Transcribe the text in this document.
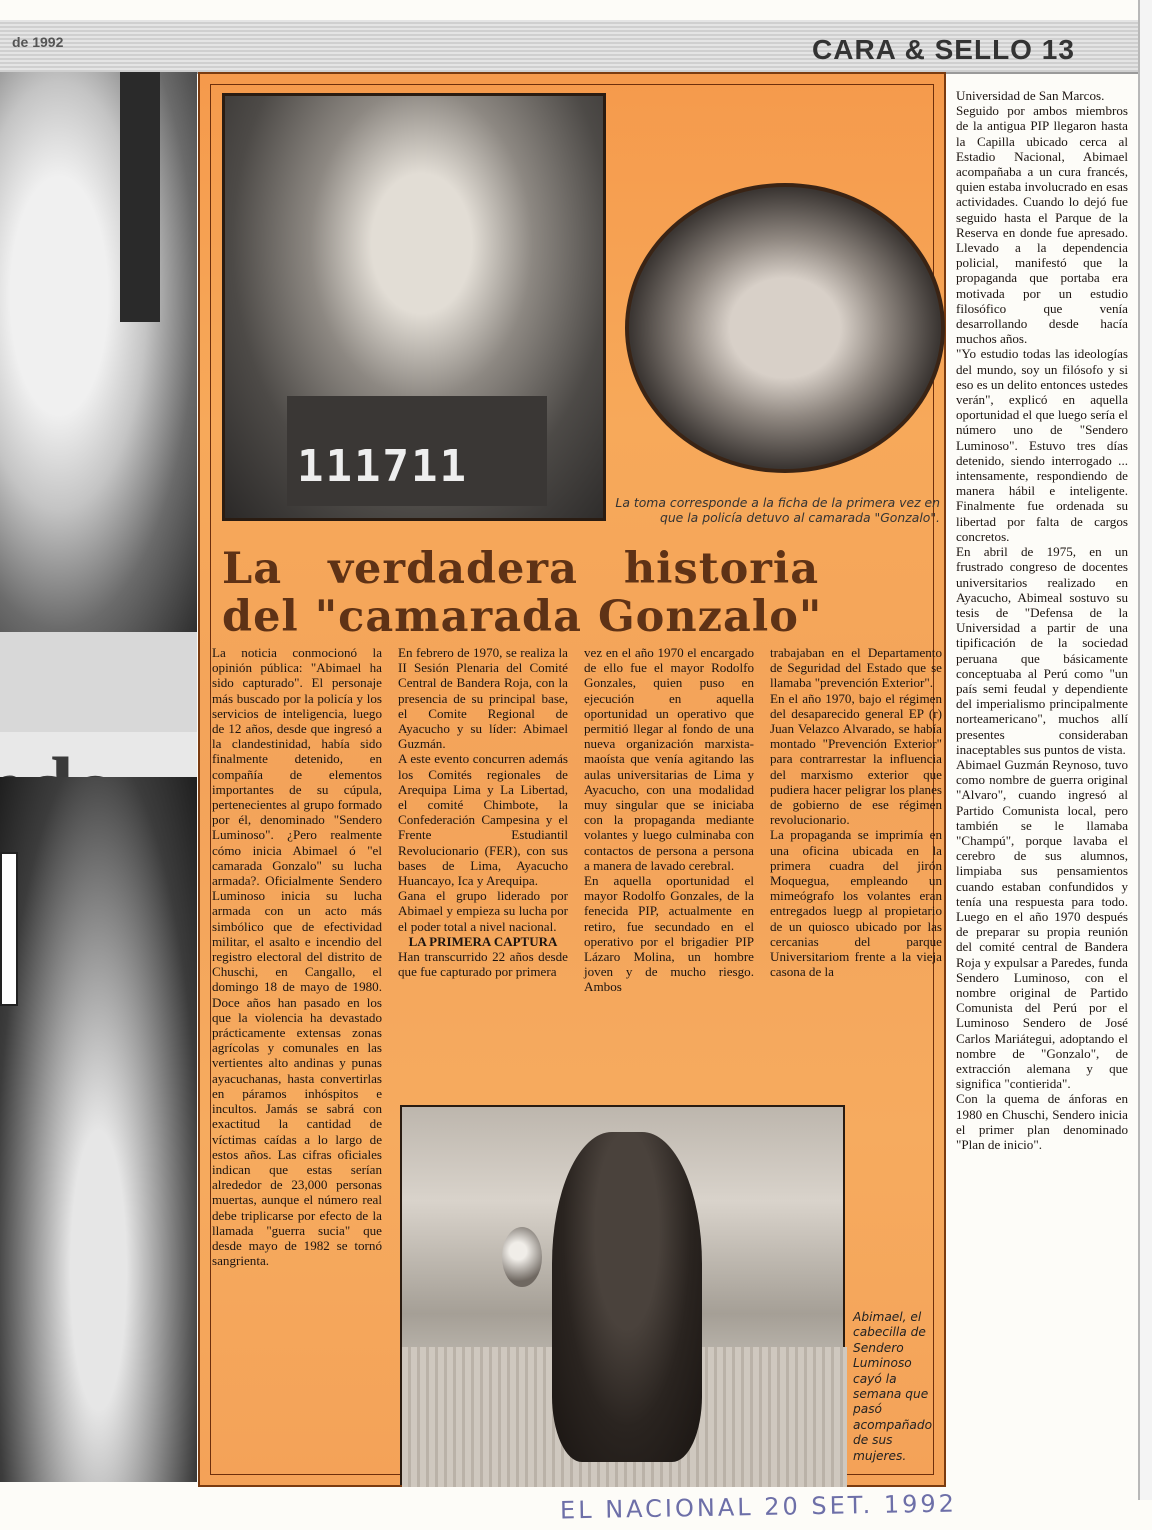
de 1992	CARA & SELLO 13
111711
La toma corresponde a la ficha de la primera vez en que la policía detuvo al camarada "Gonzalo".
La verdadera historia
del "camarada Gonzalo"

La noticia conmocionó la opinión pública: "Abimael ha sido capturado". El personaje más buscado por la policía y los servicios de inteligencia, luego de 12 años, desde que ingresó a la clandestinidad, había sido finalmente detenido, en compañía de elementos importantes de su cúpula, pertenecientes al grupo formado por él, denominado "Sendero Luminoso". ¿Pero realmente cómo inicia Abimael ó "el camarada Gonzalo" su lucha armada?. Oficialmente Sendero Luminoso inicia su lucha armada con un acto más simbólico que de efectividad militar, el asalto e incendio del registro electoral del distrito de Chuschi, en Cangallo, el domingo 18 de mayo de 1980. Doce años han pasado en los que la violencia ha devastado prácticamente extensas zonas agrícolas y comunales en las vertientes alto andinas y punas ayacuchanas, hasta convertirlas en páramos inhóspitos e incultos. Jamás se sabrá con exactitud la cantidad de víctimas caídas a lo largo de estos años. Las cifras oficiales indican que estas serían alrededor de 23,000 personas muertas, aunque el número real debe triplicarse por efecto de la llamada "guerra sucia" que desde mayo de 1982 se tornó sangrienta.

En febrero de 1970, se realiza la II Sesión Plenaria del Comité Central de Bandera Roja, con la presencia de su principal base, el Comite Regional de Ayacucho y su líder: Abimael Guzmán.

A este evento concurren además los Comités regionales de Arequipa Lima y La Libertad, el comité Chimbote, la Confederación Campesina y el Frente Estudiantil Revolucionario (FER), con sus bases de Lima, Ayacucho Huancayo, Ica y Arequipa.

Gana el grupo liderado por Abimael y empieza su lucha por el poder total a nivel nacional.

LA PRIMERA CAPTURA

Han transcurrido 22 años desde que fue capturado por primera

vez en el año 1970 el encargado de ello fue el mayor Rodolfo Gonzales, quien puso en ejecución en aquella oportunidad un operativo que permitió llegar al fondo de una nueva organización marxista-maoísta que venía agitando las aulas universitarias de Lima y Ayacucho, con una modalidad muy singular que se iniciaba con la propaganda mediante volantes y luego culminaba con contactos de persona a persona a manera de lavado cerebral.

En aquella oportunidad el mayor Rodolfo Gonzales, de la fenecida PIP, actualmente en retiro, fue secundado en el operativo por el brigadier PIP Lázaro Molina, un hombre joven y de mucho riesgo. Ambos

trabajaban en el Departamento de Seguridad del Estado que se llamaba "prevención Exterior".

En el año 1970, bajo el régimen del desaparecido general EP (r) Juan Velazco Alvarado, se había montado "Prevención Exterior" para contrarrestar la influencia del marxismo exterior que pudiera hacer peligrar los planes de gobierno de ese régimen revolucionario.

La propaganda se imprimía en una oficina ubicada en la primera cuadra del jirón Moquegua, empleando un mimeógrafo los volantes eran entregados luegp al propietario de un quiosco ubicado por las cercanias del parque Universitariom frente a la vieja casona de la

Universidad de San Marcos.

Seguido por ambos miembros de la antigua PIP llegaron hasta la Capilla ubicado cerca al Estadio Nacional, Abimael acompañaba a un cura francés, quien estaba involucrado en esas actividades. Cuando lo dejó fue seguido hasta el Parque de la Reserva en donde fue apresado. Llevado a la dependencia policial, manifestó que la propaganda que portaba era motivada por un estudio filosófico que venía desarrollando desde hacía muchos años.

"Yo estudio todas las ideologías del mundo, soy un filósofo y si eso es un delito entonces ustedes verán", explicó en aquella oportunidad el que luego sería el número uno de "Sendero Luminoso". Estuvo tres días detenido, siendo interrogado ... intensamente, respondiendo de manera hábil e inteligente. Finalmente fue ordenada su libertad por falta de cargos concretos.

En abril de 1975, en un frustrado congreso de docentes universitarios realizado en Ayacucho, Abimeal sostuvo su tesis de "Defensa de la Universidad a partir de una tipificación de la sociedad peruana que básicamente conceptuaba al Perú como "un país semi feudal y dependiente del imperialismo principalmente norteamericano", muchos allí presentes consideraban inaceptables sus puntos de vista.

Abimael Guzmán Reynoso, tuvo como nombre de guerra original "Alvaro", cuando ingresó al Partido Comunista local, pero también se le llamaba "Champú", porque lavaba el cerebro de sus alumnos, limpiaba sus pensamientos cuando estaban confundidos y tenía una respuesta para todo. Luego en el año 1970 después de preparar su propia reunión del comité central de Bandera Roja y expulsar a Paredes, funda Sendero Luminoso, con el nombre original de Partido Comunista del Perú por el Luminoso Sendero de José Carlos Mariátegui, adoptando el nombre de "Gonzalo", de extracción alemana y que significa "contierida".

Con la quema de ánforas en 1980 en Chuschi, Sendero inicia el primer plan denominado "Plan de inicio".

Abimael, el cabecilla de Sendero Luminoso cayó la semana que pasó acompañado de sus mujeres.
EL NACIONAL 20 SET. 1992
